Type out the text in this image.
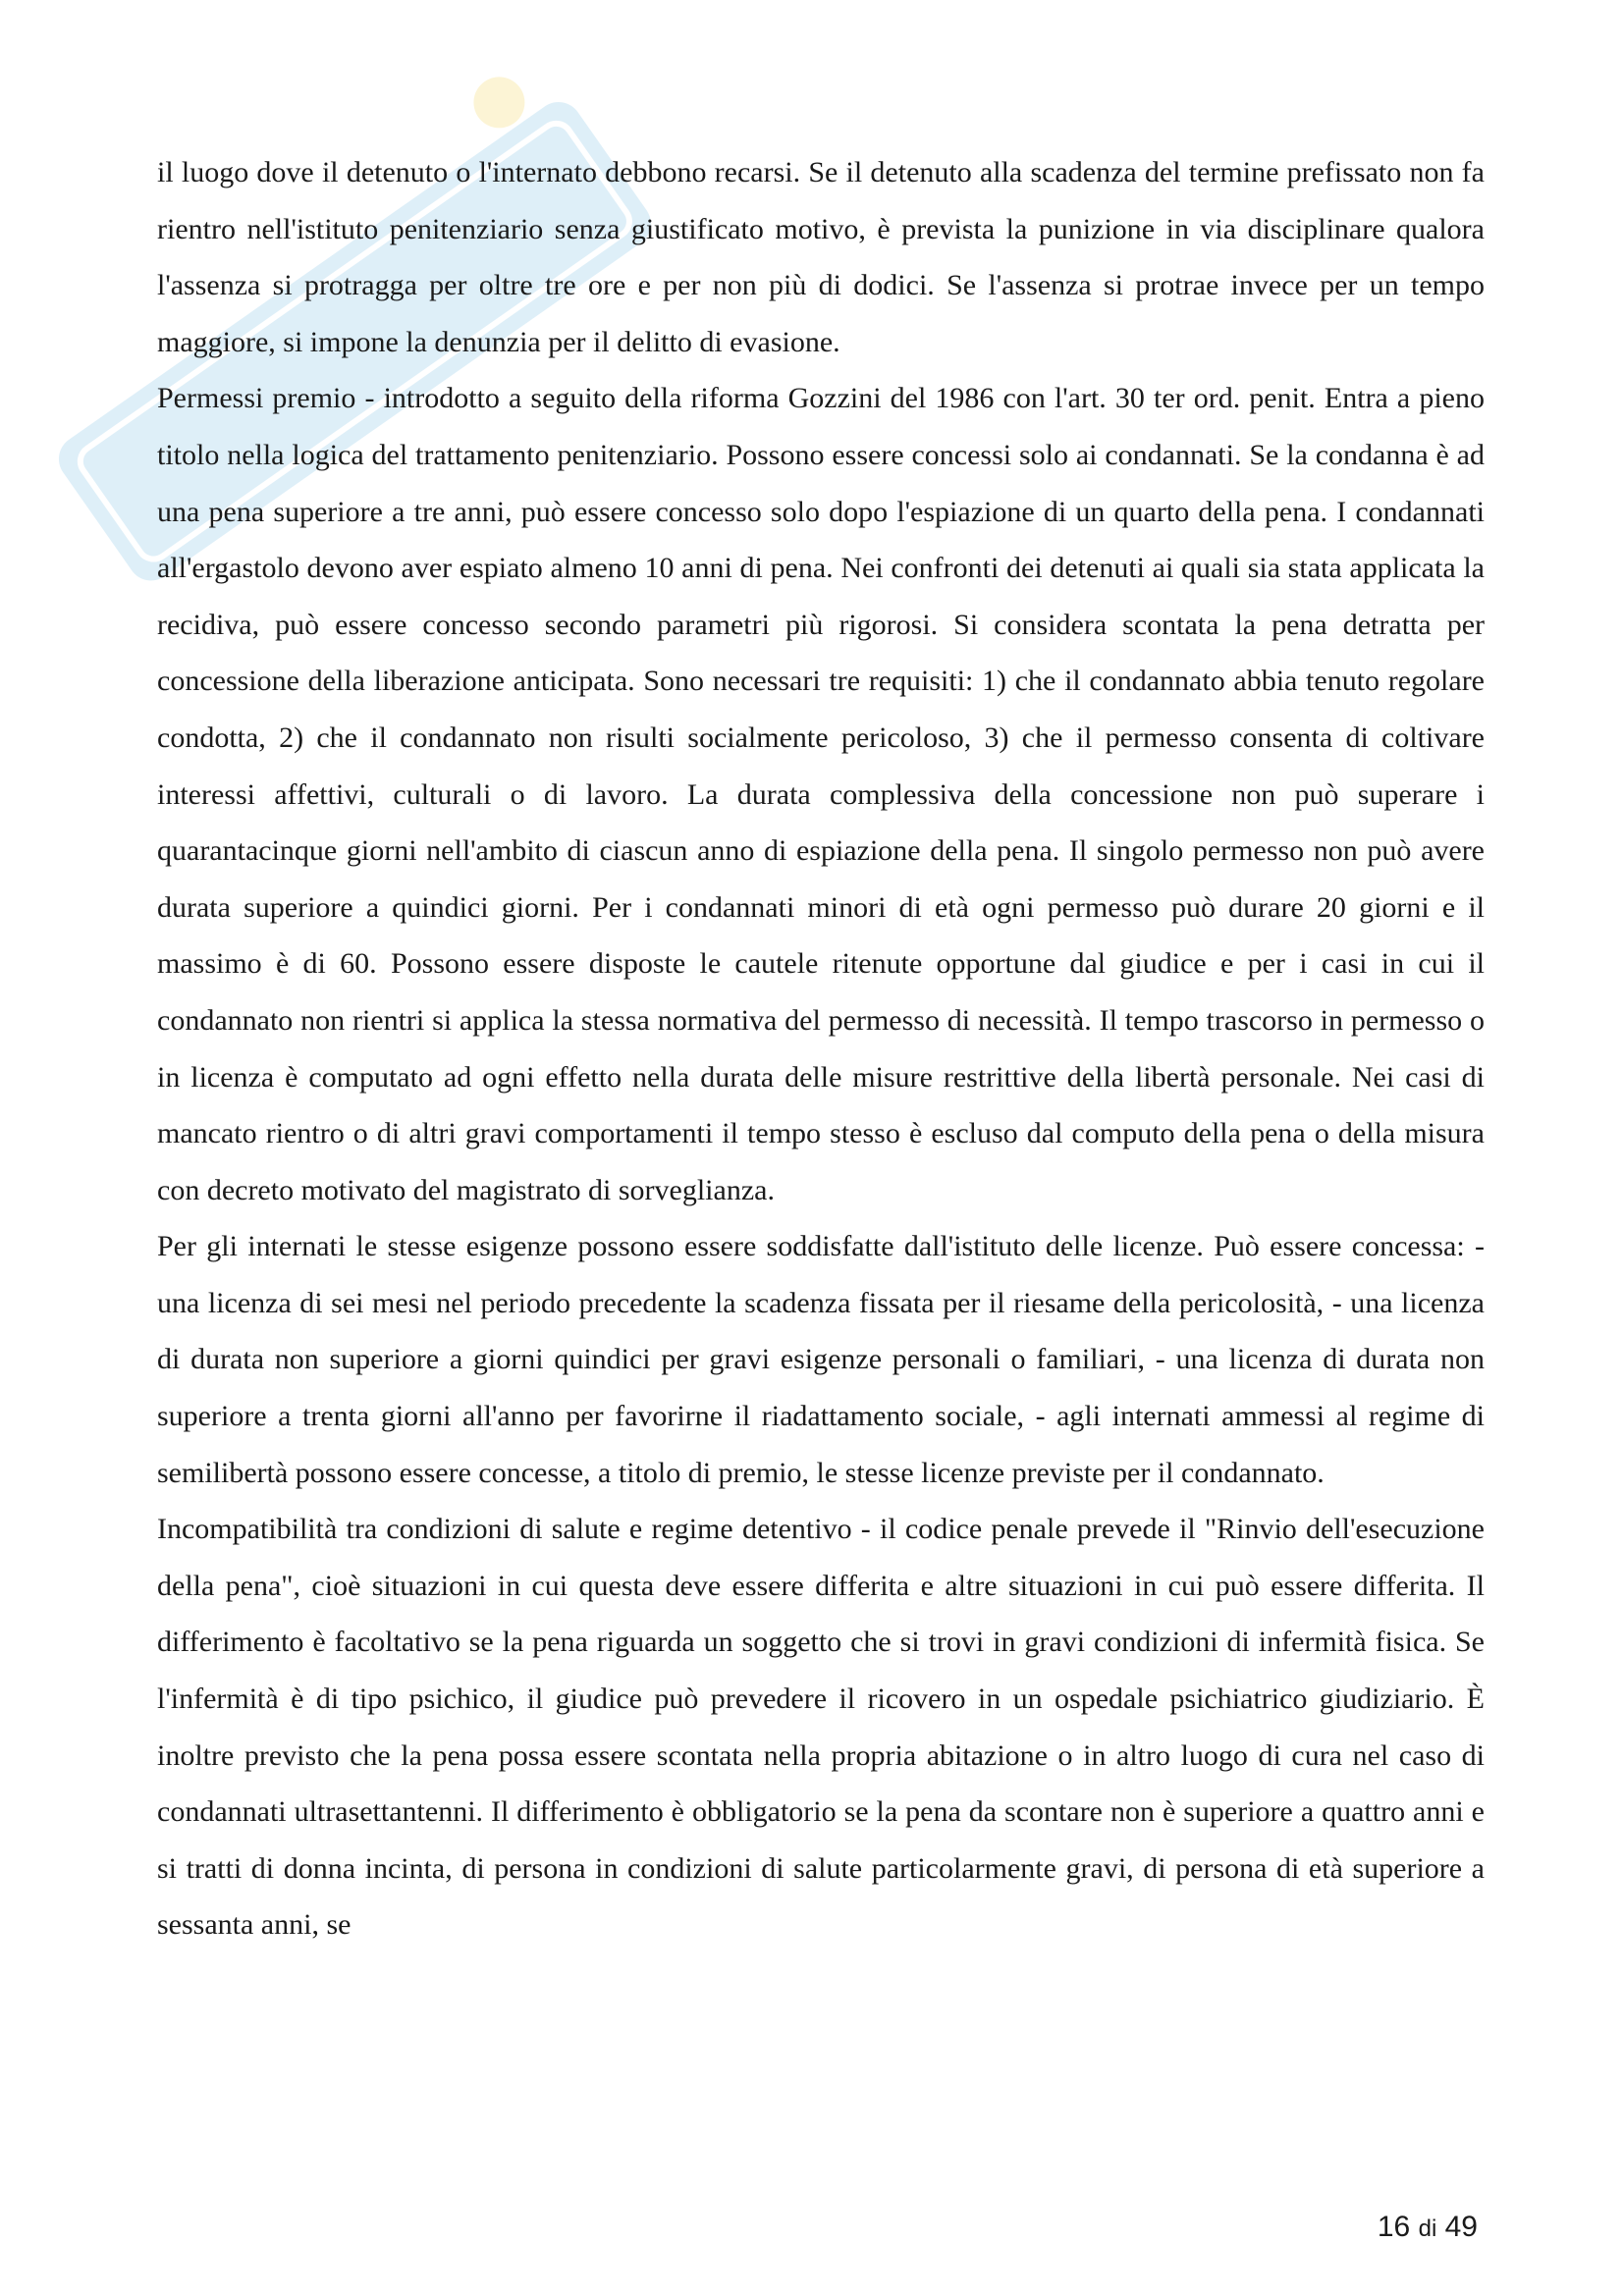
il luogo dove il detenuto o l'internato debbono recarsi. Se il detenuto alla scadenza del termine prefissato non fa rientro nell'istituto penitenziario senza giustificato motivo, è prevista la punizione in via disciplinare qualora l'assenza si protragga per oltre tre ore e per non più di dodici. Se l'assenza si protrae invece per un tempo maggiore, si impone la denunzia per il delitto di evasione.

Permessi premio - introdotto a seguito della riforma Gozzini del 1986 con l'art. 30 ter ord. penit. Entra a pieno titolo nella logica del trattamento penitenziario. Possono essere concessi solo ai condannati. Se la condanna è ad una pena superiore a tre anni, può essere concesso solo dopo l'espiazione di un quarto della pena. I condannati all'ergastolo devono aver espiato almeno 10 anni di pena. Nei confronti dei detenuti ai quali sia stata applicata la recidiva, può essere concesso secondo parametri più rigorosi. Si considera scontata la pena detratta per concessione della liberazione anticipata. Sono necessari tre requisiti: 1) che il condannato abbia tenuto regolare condotta, 2) che il condannato non risulti socialmente pericoloso, 3) che il permesso consenta di coltivare interessi affettivi, culturali o di lavoro. La durata complessiva della concessione non può superare i quarantacinque giorni nell'ambito di ciascun anno di espiazione della pena. Il singolo permesso non può avere durata superiore a quindici giorni. Per i condannati minori di età ogni permesso può durare 20 giorni e il massimo è di 60. Possono essere disposte le cautele ritenute opportune dal giudice e per i casi in cui il condannato non rientri si applica la stessa normativa del permesso di necessità. Il tempo trascorso in permesso o in licenza è computato ad ogni effetto nella durata delle misure restrittive della libertà personale. Nei casi di mancato rientro o di altri gravi comportamenti il tempo stesso è escluso dal computo della pena o della misura con decreto motivato del magistrato di sorveglianza.

Per gli internati le stesse esigenze possono essere soddisfatte dall'istituto delle licenze. Può essere concessa: - una licenza di sei mesi nel periodo precedente la scadenza fissata per il riesame della pericolosità, - una licenza di durata non superiore a giorni quindici per gravi esigenze personali o familiari, - una licenza di durata non superiore a trenta giorni all'anno per favorirne il riadattamento sociale, - agli internati ammessi al regime di semilibertà possono essere concesse, a titolo di premio, le stesse licenze previste per il condannato.

Incompatibilità tra condizioni di salute e regime detentivo - il codice penale prevede il "Rinvio dell'esecuzione della pena", cioè situazioni in cui questa deve essere differita e altre situazioni in cui può essere differita. Il differimento è facoltativo se la pena riguarda un soggetto che si trovi in gravi condizioni di infermità fisica. Se l'infermità è di tipo psichico, il giudice può prevedere il ricovero in un ospedale psichiatrico giudiziario. È inoltre previsto che la pena possa essere scontata nella propria abitazione o in altro luogo di cura nel caso di condannati ultrasettantenni. Il differimento è obbligatorio se la pena da scontare non è superiore a quattro anni e si tratti di donna incinta, di persona in condizioni di salute particolarmente gravi, di persona di età superiore a sessanta anni, se

16 di 49
